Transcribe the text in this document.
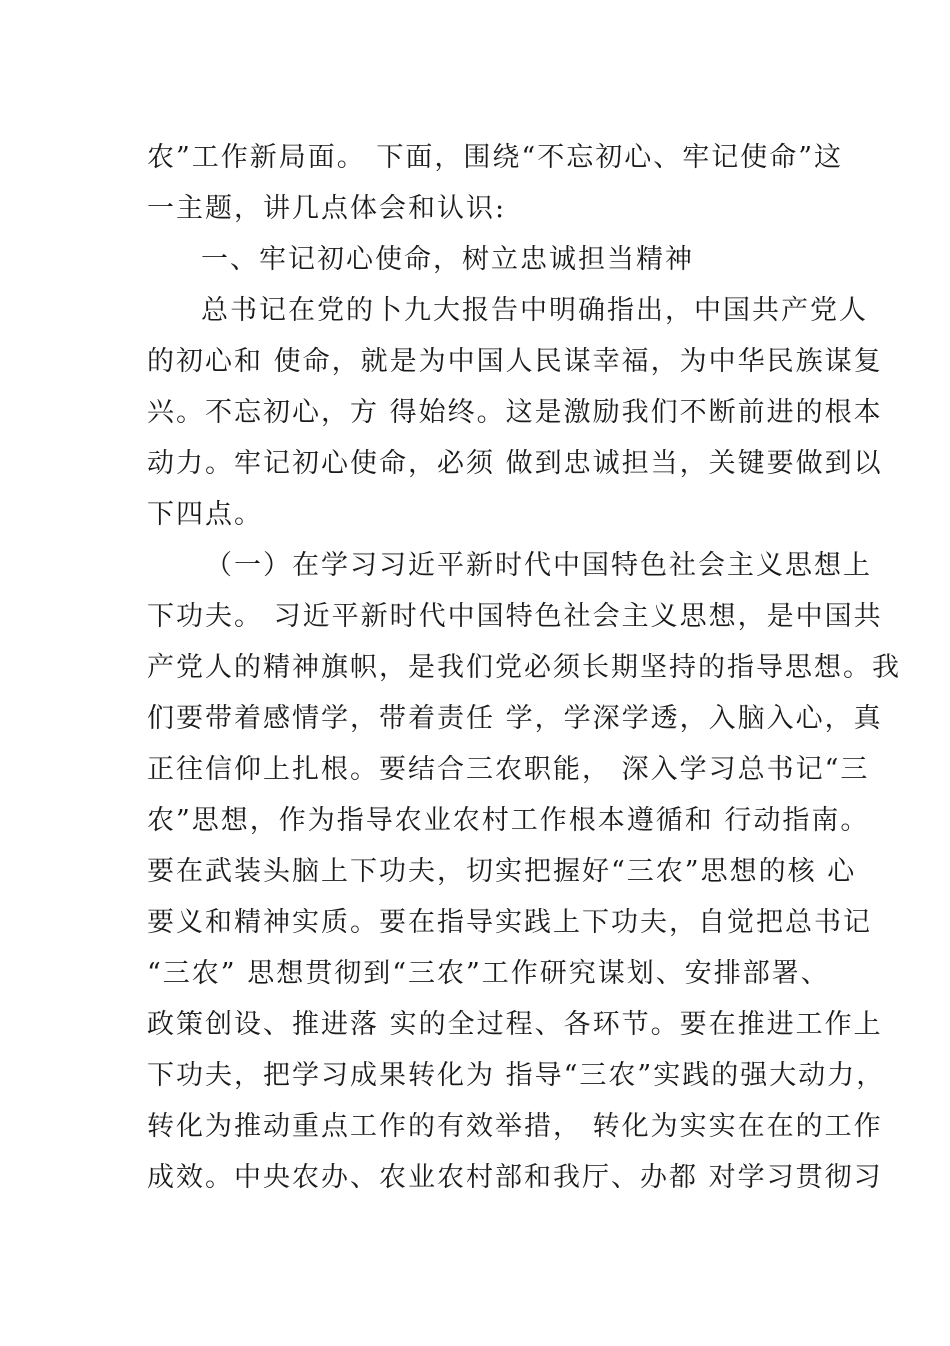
农”工作新局面。 下面，围绕“不忘初心、牢记使命”这
一主题，讲几点体会和认识:
一、牢记初心使命，树立忠诚担当精神
总书记在党的卜九大报告中明确指出，中国共产党人
的初心和 使命，就是为中国人民谋幸福，为中华民族谋复
兴。不忘初心，方 得始终。这是激励我们不断前进的根本
动力。牢记初心使命，必须 做到忠诚担当，关键要做到以
下四点。
（一）在学习习近平新时代中国特色社会主义思想上
下功夫。 习近平新时代中国特色社会主义思想，是中国共
产党人的精神旗帜，是我们党必须长期坚持的指导思想。我
们要带着感情学，带着责任 学，学深学透，入脑入心，真
正往信仰上扎根。要结合三农职能， 深入学习总书记“三
农”思想，作为指导农业农村工作根本遵循和 行动指南。
要在武装头脑上下功夫，切实把握好“三农”思想的核 心
要义和精神实质。要在指导实践上下功夫，自觉把总书记
“三农” 思想贯彻到“三农”工作研究谋划、安排部署、
政策创设、推进落 实的全过程、各环节。要在推进工作上
下功夫，把学习成果转化为 指导“三农”实践的强大动力，
转化为推动重点工作的有效举措， 转化为实实在在的工作
成效。中央农办、农业农村部和我厅、办都 对学习贯彻习
